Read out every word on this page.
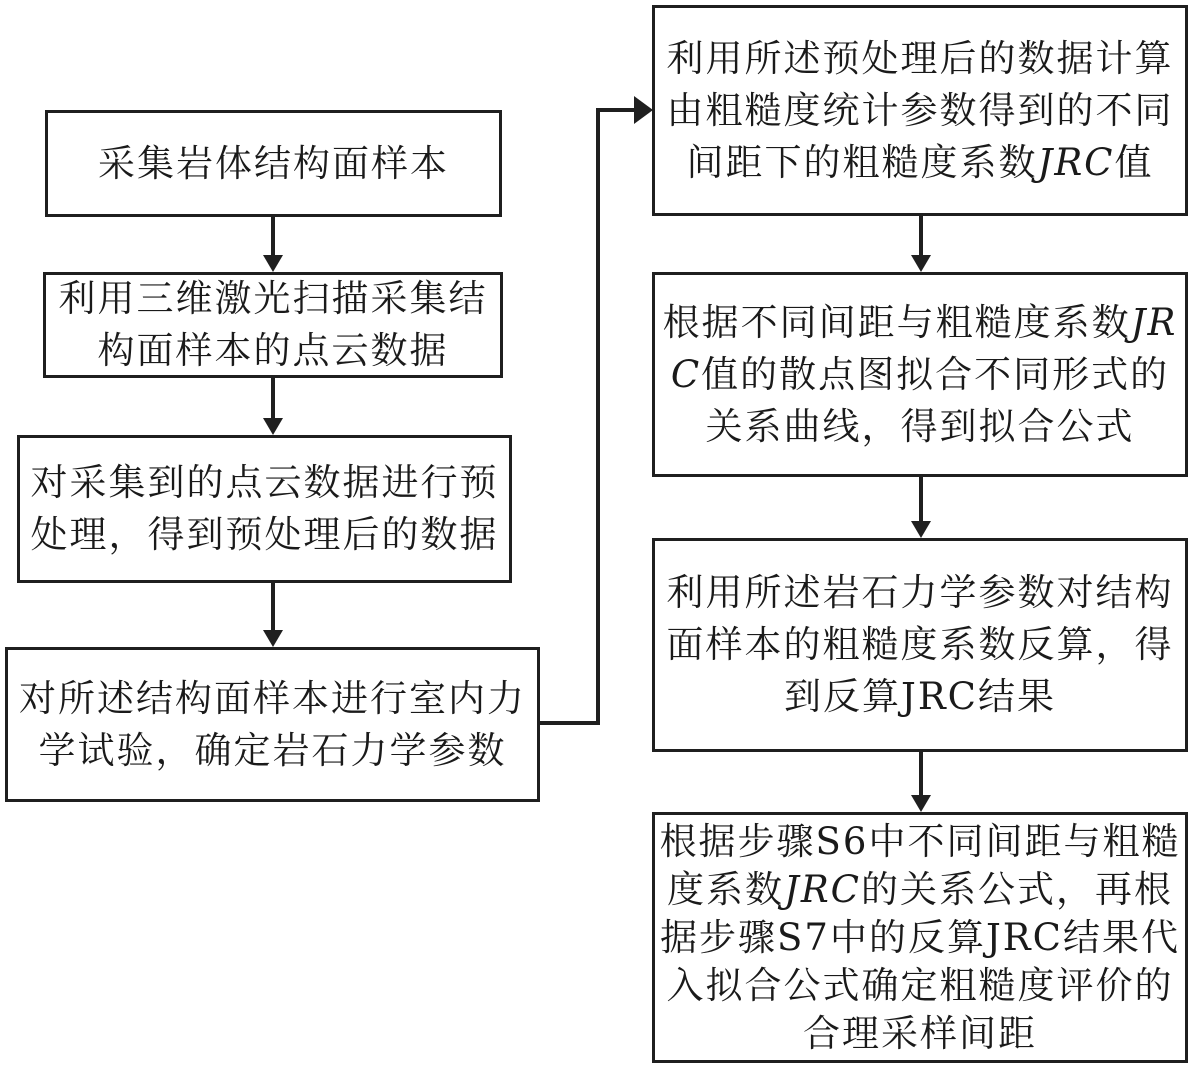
采集岩体结构面样本
利用三维激光扫描采集结
构面样本的点云数据
对采集到的点云数据进行预
处理，得到预处理后的数据
对所述结构面样本进行室内力
学试验，确定岩石力学参数
利用所述预处理后的数据计算
由粗糙度统计参数得到的不同
间距下的粗糙度系数JRC值
根据不同间距与粗糙度系数JR
C值的散点图拟合不同形式的
关系曲线，得到拟合公式
利用所述岩石力学参数对结构
面样本的粗糙度系数反算，得
到反算JRC结果
根据步骤S6中不同间距与粗糙
度系数JRC的关系公式，再根
据步骤S7中的反算JRC结果代
入拟合公式确定粗糙度评价的
合理采样间距
